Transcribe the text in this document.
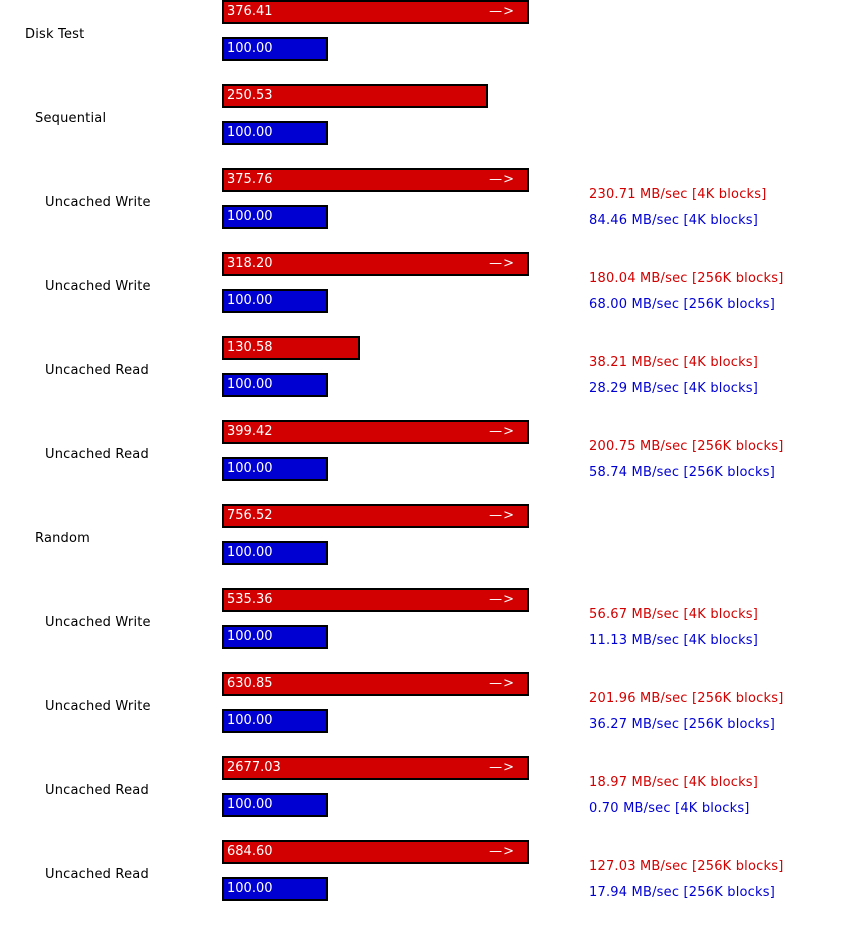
Disk Test
376.41	—>
100.00
Sequential
250.53
100.00
Uncached Write
375.76	—>
100.00
230.71 MB/sec [4K blocks]
84.46 MB/sec [4K blocks]
Uncached Write
318.20	—>
100.00
180.04 MB/sec [256K blocks]
68.00 MB/sec [256K blocks]
Uncached Read
130.58
100.00
38.21 MB/sec [4K blocks]
28.29 MB/sec [4K blocks]
Uncached Read
399.42	—>
100.00
200.75 MB/sec [256K blocks]
58.74 MB/sec [256K blocks]
Random
756.52	—>
100.00
Uncached Write
535.36	—>
100.00
56.67 MB/sec [4K blocks]
11.13 MB/sec [4K blocks]
Uncached Write
630.85	—>
100.00
201.96 MB/sec [256K blocks]
36.27 MB/sec [256K blocks]
Uncached Read
2677.03	—>
100.00
18.97 MB/sec [4K blocks]
0.70 MB/sec [4K blocks]
Uncached Read
684.60	—>
100.00
127.03 MB/sec [256K blocks]
17.94 MB/sec [256K blocks]
